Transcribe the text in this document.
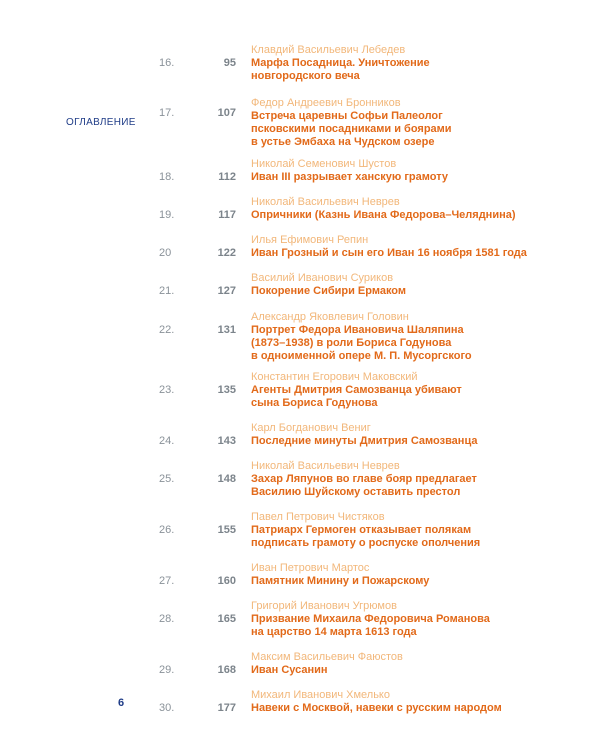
ОГЛАВЛЕНИЕ
Клавдий Васильевич Лебедев
16.	95 Марфа Посадница. Уничтожение
новгородского веча
Федор Андреевич Бронников
17.	107 Встреча царевны Софьи Палеолог
псковскими посадниками и боярами
в устье Эмбаха на Чудском озере
Николай Семенович Шустов
18.	112 Иван III разрывает ханскую грамоту
Николай Васильевич Неврев
19.	117 Опричники (Казнь Ивана Федорова–Челяднина)
Илья Ефимович Репин
20	122 Иван Грозный и сын его Иван 16 ноября 1581 года
Василий Иванович Суриков
21.	127 Покорение Сибири Ермаком
Александр Яковлевич Головин
22.	131 Портрет Федора Ивановича Шаляпина
(1873–1938) в роли Бориса Годунова
в одноименной опере М. П. Мусоргского
Константин Егорович Маковский
23.	135 Агенты Дмитрия Самозванца убивают
сына Бориса Годунова
Карл Богданович Вениг
24.	143 Последние минуты Дмитрия Самозванца
Николай Васильевич Неврев
25.	148 Захар Ляпунов во главе бояр предлагает
Василию Шуйскому оставить престол
Павел Петрович Чистяков
26.	155 Патриарх Гермоген отказывает полякам
подписать грамоту о роспуске ополчения
Иван Петрович Мартос
27.	160 Памятник Минину и Пожарскому
Григорий Иванович Угрюмов
28.	165 Призвание Михаила Федоровича Романова
на царство 14 марта 1613 года
Максим Васильевич Фаюстов
29.	168 Иван Сусанин
Михаил Иванович Хмелько
30.	177 Навеки с Москвой, навеки с русским народом
6
